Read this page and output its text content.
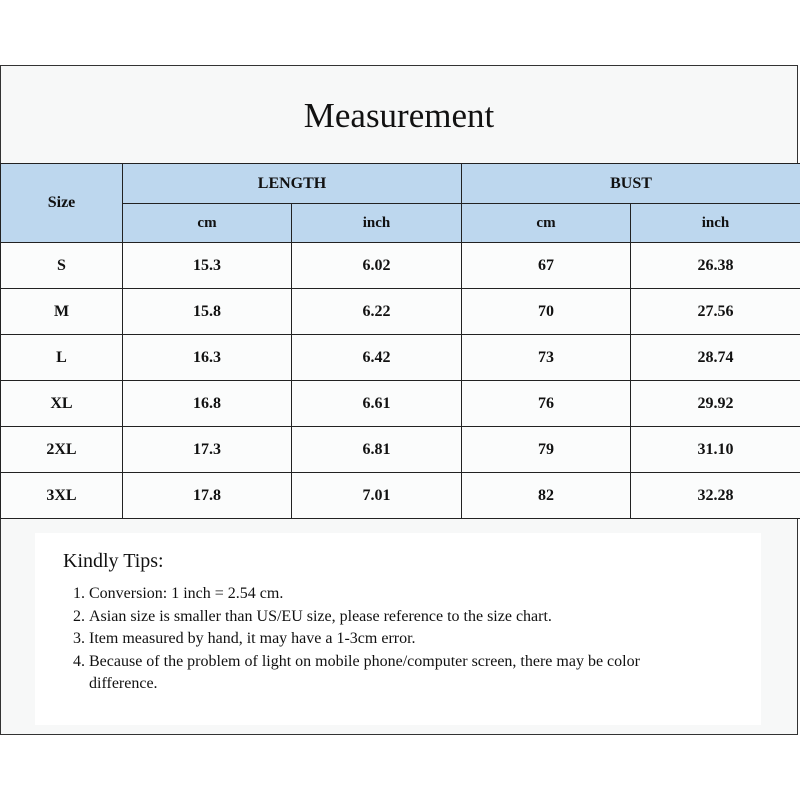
Measurement
Size	LENGTH		BUST	
	cm	inch	cm	inch
S	15.3	6.02	67	26.38
M	15.8	6.22	70	27.56
L	16.3	6.42	73	28.74
XL	16.8	6.61	76	29.92
2XL	17.3	6.81	79	31.10
3XL	17.8	7.01	82	32.28
Kindly Tips:
1. Conversion: 1 inch = 2.54 cm.
2. Asian size is smaller than US/EU size, please reference to the size chart.
3. Item measured by hand, it may have a 1-3cm error.
4. Because of the problem of light on mobile phone/computer screen, there may be color difference.
